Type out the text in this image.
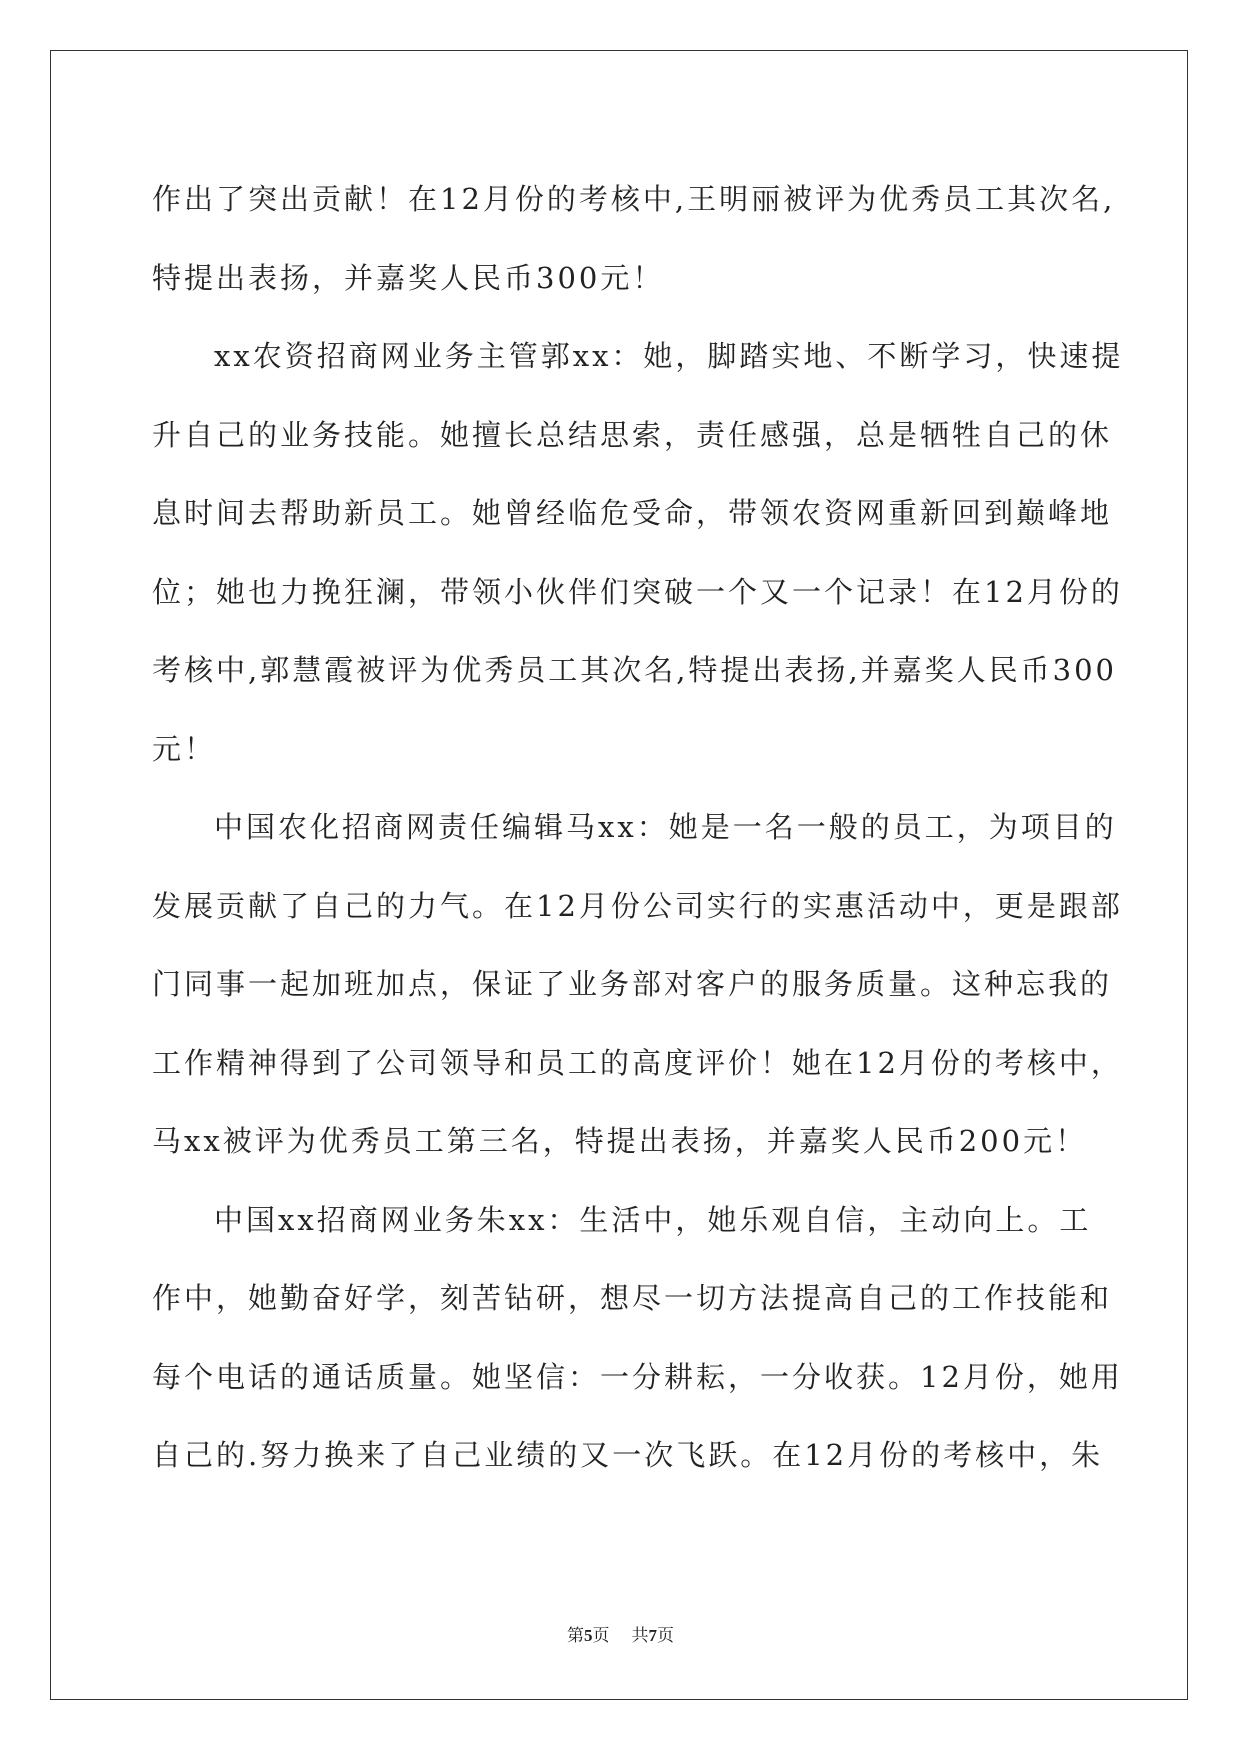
作出了突出贡献！在12月份的考核中,王明丽被评为优秀员工其次名,
特提出表扬，并嘉奖人民币300元！
xx农资招商网业务主管郭xx：她，脚踏实地、不断学习，快速提
升自己的业务技能。她擅长总结思索，责任感强，总是牺牲自己的休
息时间去帮助新员工。她曾经临危受命，带领农资网重新回到巅峰地
位；她也力挽狂澜，带领小伙伴们突破一个又一个记录！在12月份的
考核中,郭慧霞被评为优秀员工其次名,特提出表扬,并嘉奖人民币300
元！
中国农化招商网责任编辑马xx：她是一名一般的员工，为项目的
发展贡献了自己的力气。在12月份公司实行的实惠活动中，更是跟部
门同事一起加班加点，保证了业务部对客户的服务质量。这种忘我的
工作精神得到了公司领导和员工的高度评价！她在12月份的考核中，
马xx被评为优秀员工第三名，特提出表扬，并嘉奖人民币200元！
中国xx招商网业务朱xx：生活中，她乐观自信，主动向上。工
作中，她勤奋好学，刻苦钻研，想尽一切方法提高自己的工作技能和
每个电话的通话质量。她坚信：一分耕耘，一分收获。12月份，她用
自己的.努力换来了自己业绩的又一次飞跃。在12月份的考核中，朱
第5页 共7页
